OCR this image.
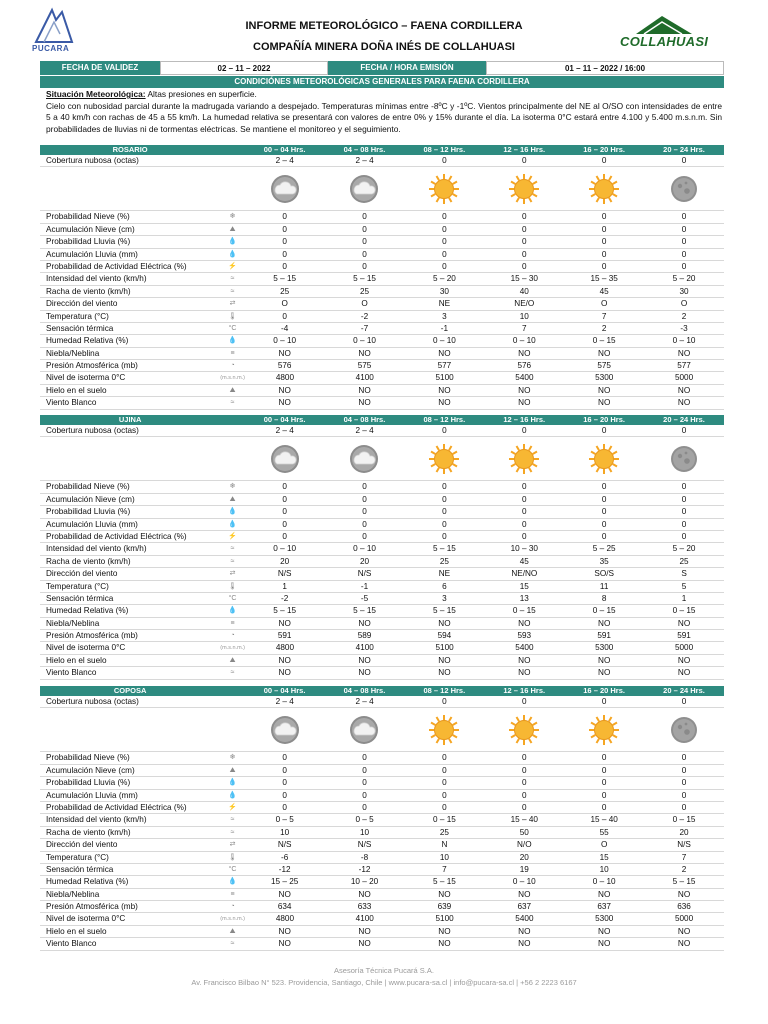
PUCARA
INFORME METEOROLÓGICO – FAENA CORDILLERA
COMPAÑÍA MINERA DOÑA INÉS DE COLLAHUASI	COLLAHUASI
FECHA DE VALIDEZ	02 – 11 – 2022	FECHA / HORA EMISIÓN	01 – 11 – 2022 / 16:00
CONDICIÓNES METEOROLÓGICAS GENERALES PARA FAENA CORDILLERA
Situación Meteorológica: Altas presiones en superficie.
Cielo con nubosidad parcial durante la madrugada variando a despejado. Temperaturas mínimas entre -8ºC y -1ºC. Vientos principalmente del NE al O/SO con intensidades de entre 5 a 40 km/h con rachas de 45 a 55 km/h. La humedad relativa se presentará con valores de entre 0% y 15% durante el día. La isoterma 0°C estará entre 4.100 y 5.400 m.s.n.m. Sin probabilidades de lluvias ni de tormentas eléctricas. Se mantiene el monitoreo y el seguimiento.
ROSARIO	00 – 04 Hrs.	04 – 08 Hrs.	08 – 12 Hrs.	12 – 16 Hrs.	16 – 20 Hrs.	20 – 24 Hrs.
Cobertura nubosa (octas)	2 – 4	2 – 4	0	0	0	0
Probabilidad Nieve (%)	❄	0	0	0	0	0	0
Acumulación Nieve (cm)	⛰	0	0	0	0	0	0
Probabilidad Lluvia (%)	💧	0	0	0	0	0	0
Acumulación Lluvia (mm)	💧	0	0	0	0	0	0
Probabilidad de Actividad Eléctrica (%)	⚡	0	0	0	0	0	0
Intensidad del viento (km/h)	≈	5 – 15	5 – 15	5 – 20	15 – 30	15 – 35	5 – 20
Racha de viento (km/h)	≈	25	25	30	40	45	30
Dirección del viento	⇄	O	O	NE	NE/O	O	O
Temperatura (°C)	🌡	0	-2	3	10	7	2
Sensación térmica	°C	-4	-7	-1	7	2	-3
Humedad Relativa (%)	💧	0 – 10	0 – 10	0 – 10	0 – 10	0 – 15	0 – 10
Niebla/Neblina	≡	NO	NO	NO	NO	NO	NO
Presión Atmosférica (mb)	◔	576	575	577	576	575	577
Nivel de isoterma 0°C	(m.s.n.m.)	4800	4100	5100	5400	5300	5000
Hielo en el suelo	⛰	NO	NO	NO	NO	NO	NO
Viento Blanco	≈	NO	NO	NO	NO	NO	NO
UJINA	00 – 04 Hrs.	04 – 08 Hrs.	08 – 12 Hrs.	12 – 16 Hrs.	16 – 20 Hrs.	20 – 24 Hrs.
Cobertura nubosa (octas)	2 – 4	2 – 4	0	0	0	0
Probabilidad Nieve (%)	❄	0	0	0	0	0	0
Acumulación Nieve (cm)	⛰	0	0	0	0	0	0
Probabilidad Lluvia (%)	💧	0	0	0	0	0	0
Acumulación Lluvia (mm)	💧	0	0	0	0	0	0
Probabilidad de Actividad Eléctrica (%)	⚡	0	0	0	0	0	0
Intensidad del viento (km/h)	≈	0 – 10	0 – 10	5 – 15	10 – 30	5 – 25	5 – 20
Racha de viento (km/h)	≈	20	20	25	45	35	25
Dirección del viento	⇄	N/S	N/S	NE	NE/NO	SO/S	S
Temperatura (°C)	🌡	1	-1	6	15	11	5
Sensación térmica	°C	-2	-5	3	13	8	1
Humedad Relativa (%)	💧	5 – 15	5 – 15	5 – 15	0 – 15	0 – 15	0 – 15
Niebla/Neblina	≡	NO	NO	NO	NO	NO	NO
Presión Atmosférica (mb)	◔	591	589	594	593	591	591
Nivel de isoterma 0°C	(m.s.n.m.)	4800	4100	5100	5400	5300	5000
Hielo en el suelo	⛰	NO	NO	NO	NO	NO	NO
Viento Blanco	≈	NO	NO	NO	NO	NO	NO
COPOSA	00 – 04 Hrs.	04 – 08 Hrs.	08 – 12 Hrs.	12 – 16 Hrs.	16 – 20 Hrs.	20 – 24 Hrs.
Cobertura nubosa (octas)	2 – 4	2 – 4	0	0	0	0
Probabilidad Nieve (%)	❄	0	0	0	0	0	0
Acumulación Nieve (cm)	⛰	0	0	0	0	0	0
Probabilidad Lluvia (%)	💧	0	0	0	0	0	0
Acumulación Lluvia (mm)	💧	0	0	0	0	0	0
Probabilidad de Actividad Eléctrica (%)	⚡	0	0	0	0	0	0
Intensidad del viento (km/h)	≈	0 – 5	0 – 5	0 – 15	15 – 40	15 – 40	0 – 15
Racha de viento (km/h)	≈	10	10	25	50	55	20
Dirección del viento	⇄	N/S	N/S	N	N/O	O	N/S
Temperatura (°C)	🌡	-6	-8	10	20	15	7
Sensación térmica	°C	-12	-12	7	19	10	2
Humedad Relativa (%)	💧	15 – 25	10 – 20	5 – 15	0 – 10	0 – 10	5 – 15
Niebla/Neblina	≡	NO	NO	NO	NO	NO	NO
Presión Atmosférica (mb)	◔	634	633	639	637	637	636
Nivel de isoterma 0°C	(m.s.n.m.)	4800	4100	5100	5400	5300	5000
Hielo en el suelo	⛰	NO	NO	NO	NO	NO	NO
Viento Blanco	≈	NO	NO	NO	NO	NO	NO
Asesoría Técnica Pucará S.A.
Av. Francisco Bilbao N° 523. Providencia, Santiago, Chile | www.pucara-sa.cl | info@pucara-sa.cl | +56 2 2223 6167
